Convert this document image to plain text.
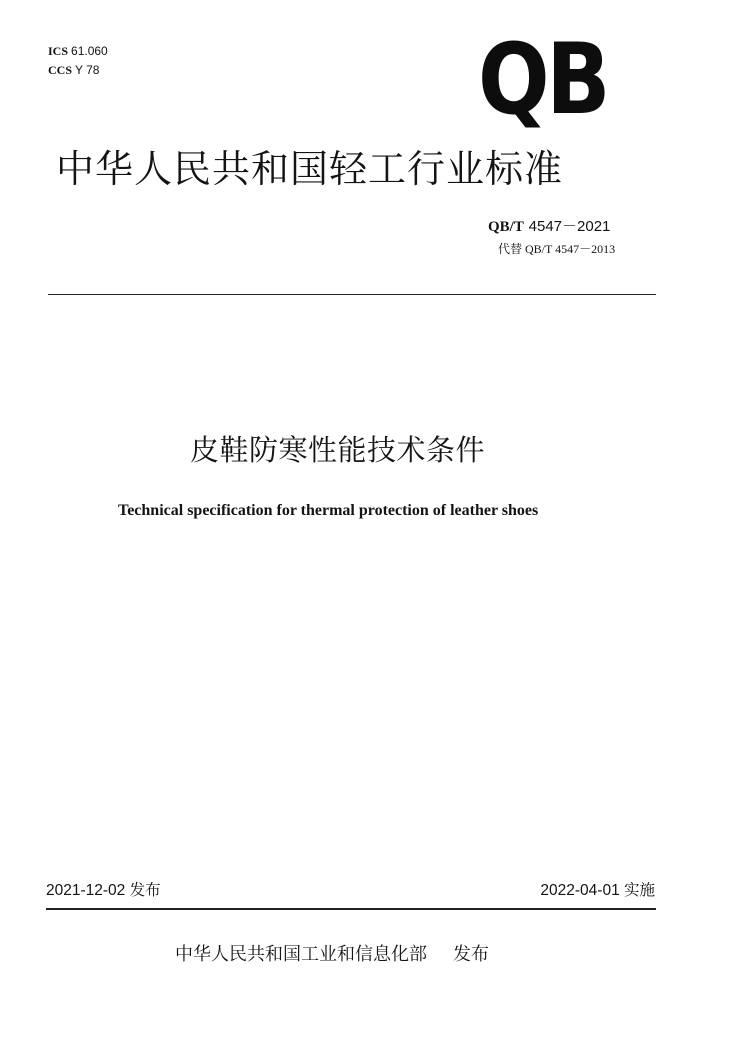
ICS 61.060
CCS Y 78	QB
中华人民共和国轻工行业标准
QB/T 4547－2021
代替 QB/T 4547－2013
皮鞋防寒性能技术条件
Technical specification for thermal protection of leather shoes
2021-12-02 发布	2022-04-01 实施
中华人民共和国工业和信息化部 发布
